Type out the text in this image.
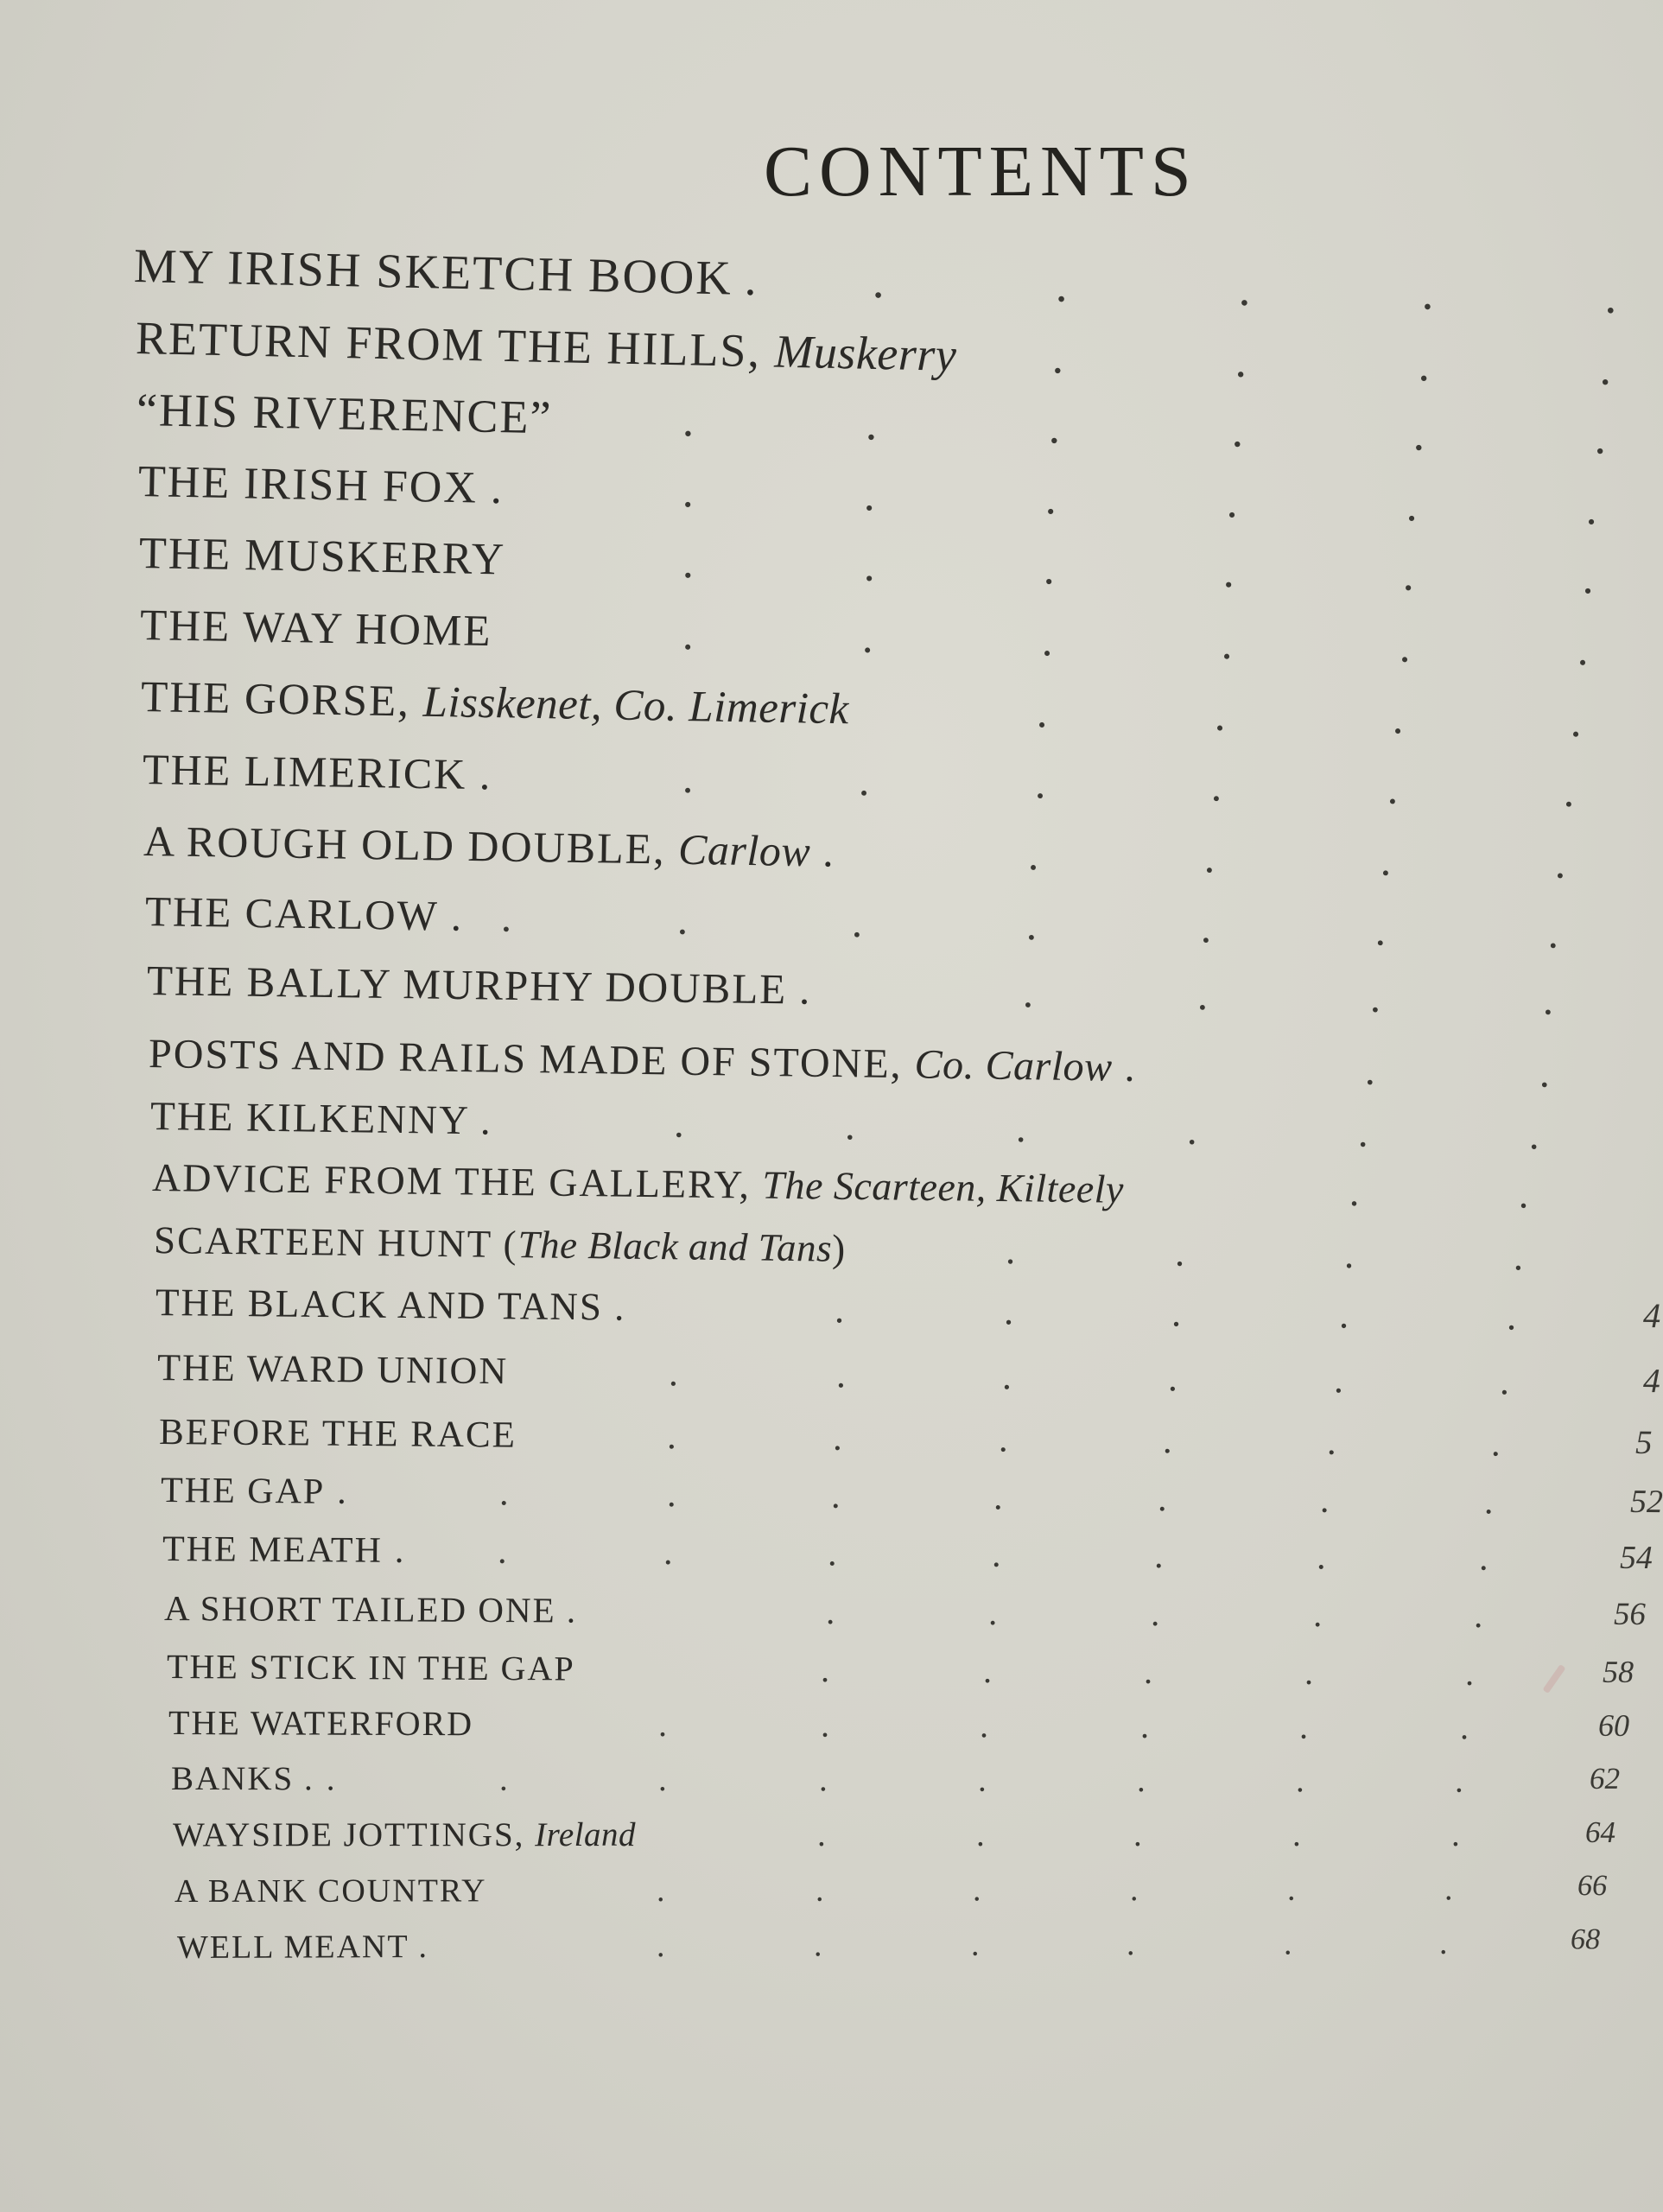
CONTENTS
MY IRISH SKETCH BOOK . .	.	.	.	.
RETURN FROM THE HILLS, Muskerry .	.	.	.
“HIS RIVERENCE”	.	.	.	.	.	.
THE IRISH FOX .	.	.	.	.	.	.
THE MUSKERRY	.	.	.	.	.	.
THE WAY HOME	.	.	.	.	.	.
THE GORSE, Lisskenet, Co. Limerick	.	.	.	.
THE LIMERICK .	.	.	.	.	.	.
A ROUGH OLD DOUBLE, Carlow .	.	.	.	.
THE CARLOW . .	.	.	.	.	.	.
THE BALLY MURPHY DOUBLE .	.	.	.	.
POSTS AND RAILS MADE OF STONE, Co. Carlow .	.	.
THE KILKENNY .	.	.	.	.	.	.
ADVICE FROM THE GALLERY, The Scarteen, Kilteely	.	.
SCARTEEN HUNT (The Black and Tans)	.	.	.	.
THE BLACK AND TANS .	.	.	.	.	.	4
THE WARD UNION	.	.	.	.	.	.	4
BEFORE THE RACE	.	.	.	.	.	.	5
THE GAP .	.	.	.	.	.	.	.	52
THE MEATH .	.	.	.	.	.	.	.	54
A SHORT TAILED ONE .	.	.	.	.	.	56
THE STICK IN THE GAP	.	.	.	.	.	58
THE WATERFORD	.	.	.	.	.	.	60
BANKS . .	.	.	.	.	.	.	.	62
WAYSIDE JOTTINGS, Ireland	.	.	.	.	.	64
A BANK COUNTRY	.	.	.	.	.	.	66
WELL MEANT .	.	.	.	.	.	.	68
